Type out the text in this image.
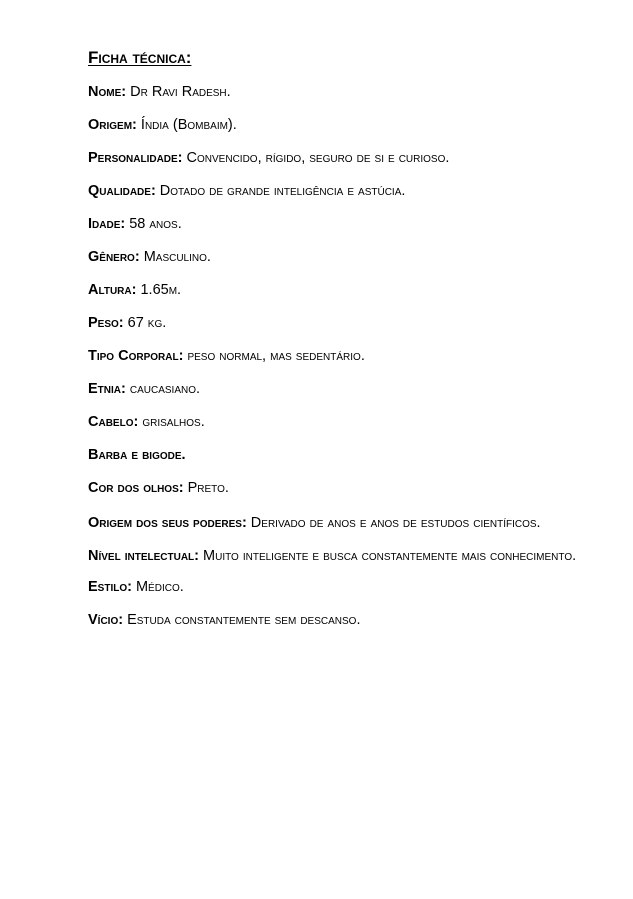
Ficha técnica:
Nome: Dr Ravi Radesh.
Origem: Índia (Bombaim).
Personalidade: Convencido, rígido, seguro de si e curioso.
Qualidade: Dotado de grande inteligência e astúcia.
Idade: 58 anos.
Gênero: Masculino.
Altura: 1.65m.
Peso: 67 kg.
Tipo Corporal: peso normal, mas sedentário.
Etnia: caucasiano.
Cabelo: grisalhos.
Barba e bigode.
Cor dos olhos: Preto.
Origem dos seus poderes: Derivado de anos e anos de estudos científicos.
Nível intelectual: Muito inteligente e busca constantemente mais conhecimento.
Estilo: Médico.
Vício: Estuda constantemente sem descanso.
